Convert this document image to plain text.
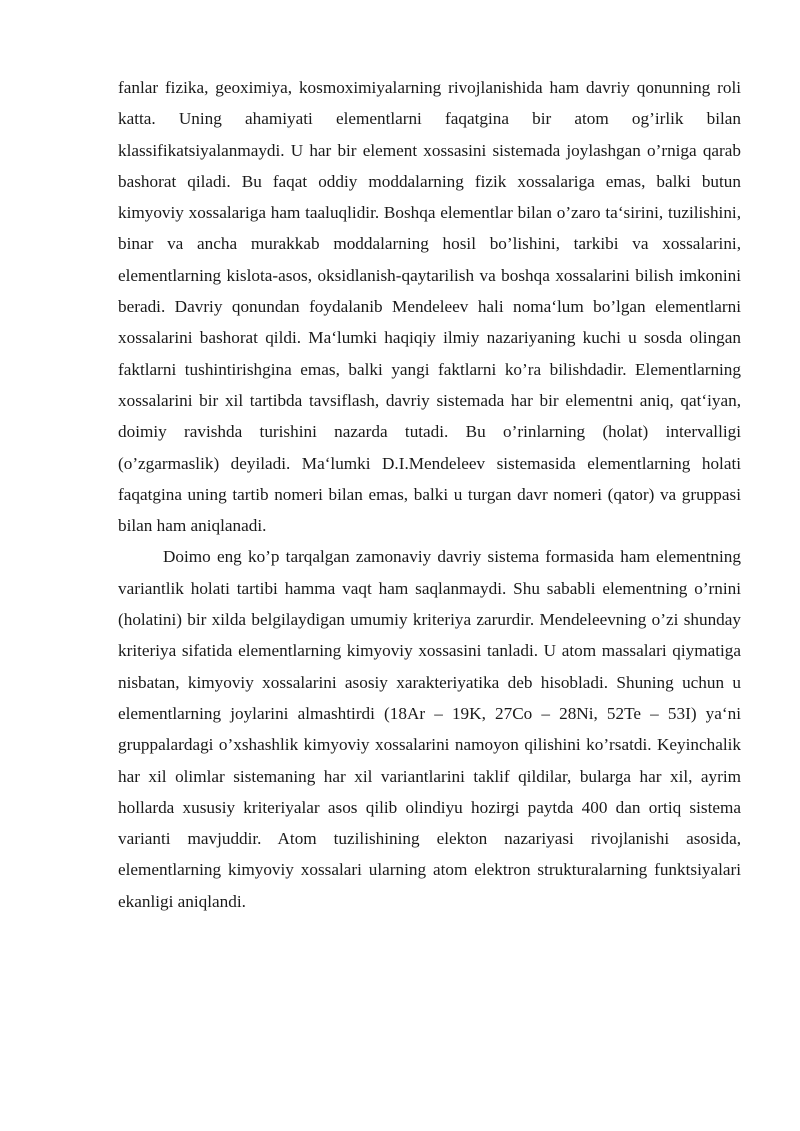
fanlar fizika, geoximiya, kosmoximiyalarning rivojlanishida ham davriy qonunning roli katta. Uning ahamiyati elementlarni faqatgina bir atom og’irlik bilan klassifikatsiyalanmaydi. U har bir element xossasini sistemada joylashgan o’rniga qarab bashorat qiladi. Bu faqat oddiy moddalarning fizik xossalariga emas, balki butun kimyoviy xossalariga ham taaluqlidir. Boshqa elementlar bilan o’zaro ta‘sirini, tuzilishini, binar va ancha murakkab moddalarning hosil bo’lishini, tarkibi va xossalarini, elementlarning kislota-asos, oksidlanish-qaytarilish va boshqa xossalarini bilish imkonini beradi. Davriy qonundan foydalanib Mendeleev hali noma‘lum bo’lgan elementlarni xossalarini bashorat qildi. Ma‘lumki haqiqiy ilmiy nazariyaning kuchi u sosda olingan faktlarni tushintirishgina emas, balki yangi faktlarni ko’ra bilishdadir. Elementlarning xossalarini bir xil tartibda tavsiflash, davriy sistemada har bir elementni aniq, qat‘iyan, doimiy ravishda turishini nazarda tutadi. Bu o’rinlarning (holat) intervalligi (o’zgarmaslik) deyiladi. Ma‘lumki D.I.Mendeleev sistemasida elementlarning holati faqatgina uning tartib nomeri bilan emas, balki u turgan davr nomeri (qator) va gruppasi bilan ham aniqlanadi.

Doimo eng ko’p tarqalgan zamonaviy davriy sistema formasida ham elementning variantlik holati tartibi hamma vaqt ham saqlanmaydi. Shu sababli elementning o’rnini (holatini) bir xilda belgilaydigan umumiy kriteriya zarurdir. Mendeleevning o’zi shunday kriteriya sifatida elementlarning kimyoviy xossasini tanladi. U atom massalari qiymatiga nisbatan, kimyoviy xossalarini asosiy xarakteriyatika deb hisobladi. Shuning uchun u elementlarning joylarini almashtirdi (18Ar – 19K, 27Co – 28Ni, 52Te – 53I) ya‘ni gruppalardagi o’xshashlik kimyoviy xossalarini namoyon qilishini ko’rsatdi. Keyinchalik har xil olimlar sistemaning har xil variantlarini taklif qildilar, bularga har xil, ayrim hollarda xususiy kriteriyalar asos qilib olindiyu hozirgi paytda 400 dan ortiq sistema varianti mavjuddir. Atom tuzilishining elekton nazariyasi rivojlanishi asosida, elementlarning kimyoviy xossalari ularning atom elektron strukturalarning funktsiyalari ekanligi aniqlandi.
